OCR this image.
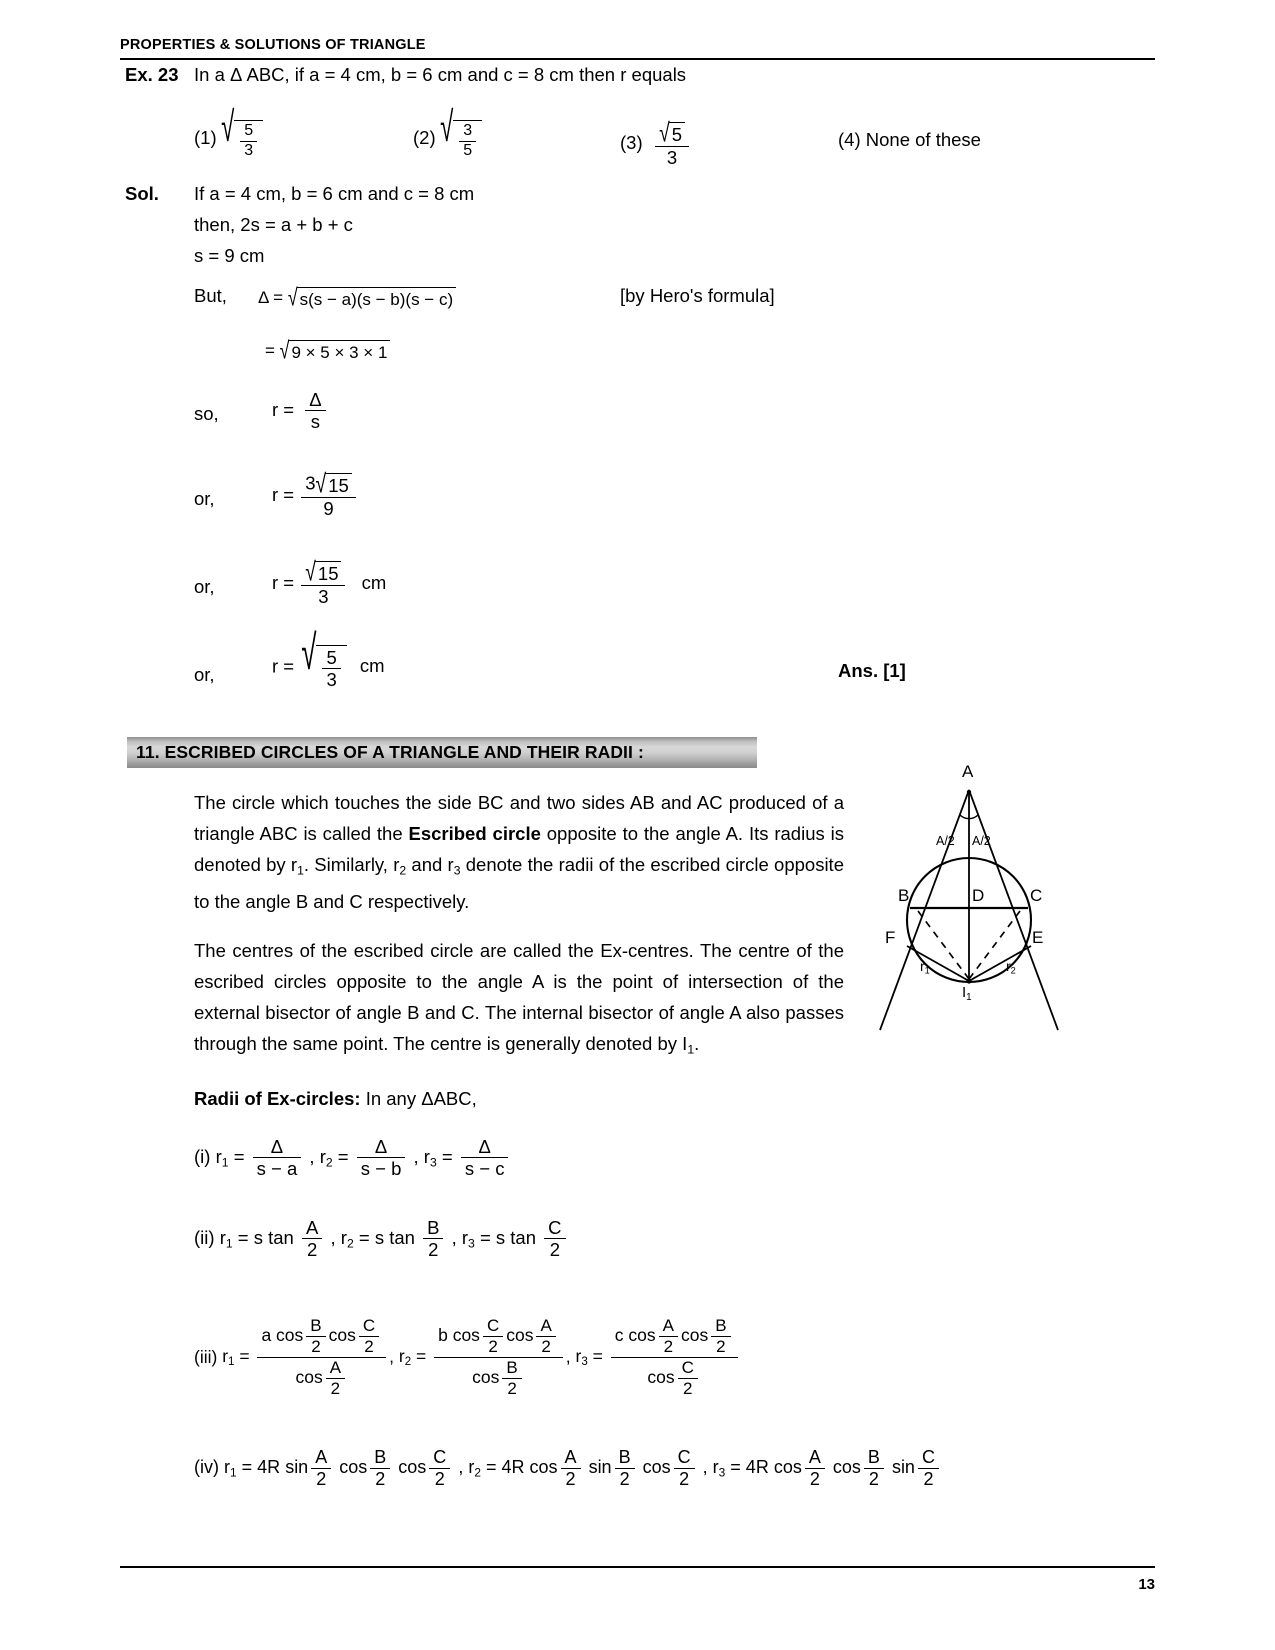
PROPERTIES & SOLUTIONS OF TRIANGLE
Ex. 23 In a Δ ABC, if a = 4 cm, b = 6 cm and c = 8 cm then r equals
(1) √ $\frac{5}{3}$	(2) √ $\frac{3}{5}$	$(3) \frac{√ 5}{3}$	(4) None of these
Sol. If a = 4 cm, b = 6 cm and c = 8 cm
then, 2s = a + b + c
s = 9 cm
But, Δ = √ s(s − a)(s − b)(s − c)	[by Hero's formula]
= √ 9 × 5 × 3 × 1
so,	$r = \frac{\Delta}{s}$
or,	$r = \frac{3√ 15}{9}$
or,	$r = \frac{√ 15}{3}$ cm
or,	r = √ $\frac{5}{3}$ cm	Ans. [1]
11. ESCRIBED CIRCLES OF A TRIANGLE AND THEIR RADII :
The circle which touches the side BC and two sides AB and AC produced of a triangle ABC is called the Escribed circle opposite to the angle A. Its radius is denoted by $r_1$. Similarly, $r_2$ and $r_3$ denote the radii of the escribed circle opposite to the angle B and C respectively.
The centres of the escribed circle are called the Ex-centres. The centre of the escribed circles opposite to the angle A is the point of intersection of the external bisector of angle B and C. The internal bisector of angle A also passes through the same point. The centre is generally denoted by $I_1$.
Radii of Ex-circles: In any ΔABC,
A
B	C
D
E
F
$I_1$
$r_1$	$r_2$
A/2 A/2
(i) $r_1 = \frac{\Delta}{s - a}$ , $r_2 = \frac{\Delta}{s - b}$ , $r_3 = \frac{\Delta}{s - c}$
(ii) $r_1 = s$ $\tan \frac{A}{2}$ , $r_2 = s$ $\tan \frac{B}{2}$ , $r_3 = s$ $\tan \frac{C}{2}$
(iii) $r_1 = \frac{a \cos \frac{B}{2} \cos \frac{C}{2}}{\cos \frac{A}{2}}$ , $r_2 = \frac{b \cos \frac{C}{2} \cos \frac{A}{2}}{\cos \frac{B}{2}}$ , $r_3 = \frac{c \cos \frac{A}{2} \cos \frac{B}{2}}{\cos \frac{C}{2}}$
(iv) $r_1 = 4R$ $\sin \frac{A}{2}$ $\cos \frac{B}{2}$ $\cos \frac{C}{2}$ , $r_2 = 4R$ $\cos \frac{A}{2}$ $\sin \frac{B}{2}$ $\cos \frac{C}{2}$ , $r_3 = 4R$ $\cos \frac{A}{2}$ $\cos \frac{B}{2}$ $\sin \frac{C}{2}$
13
